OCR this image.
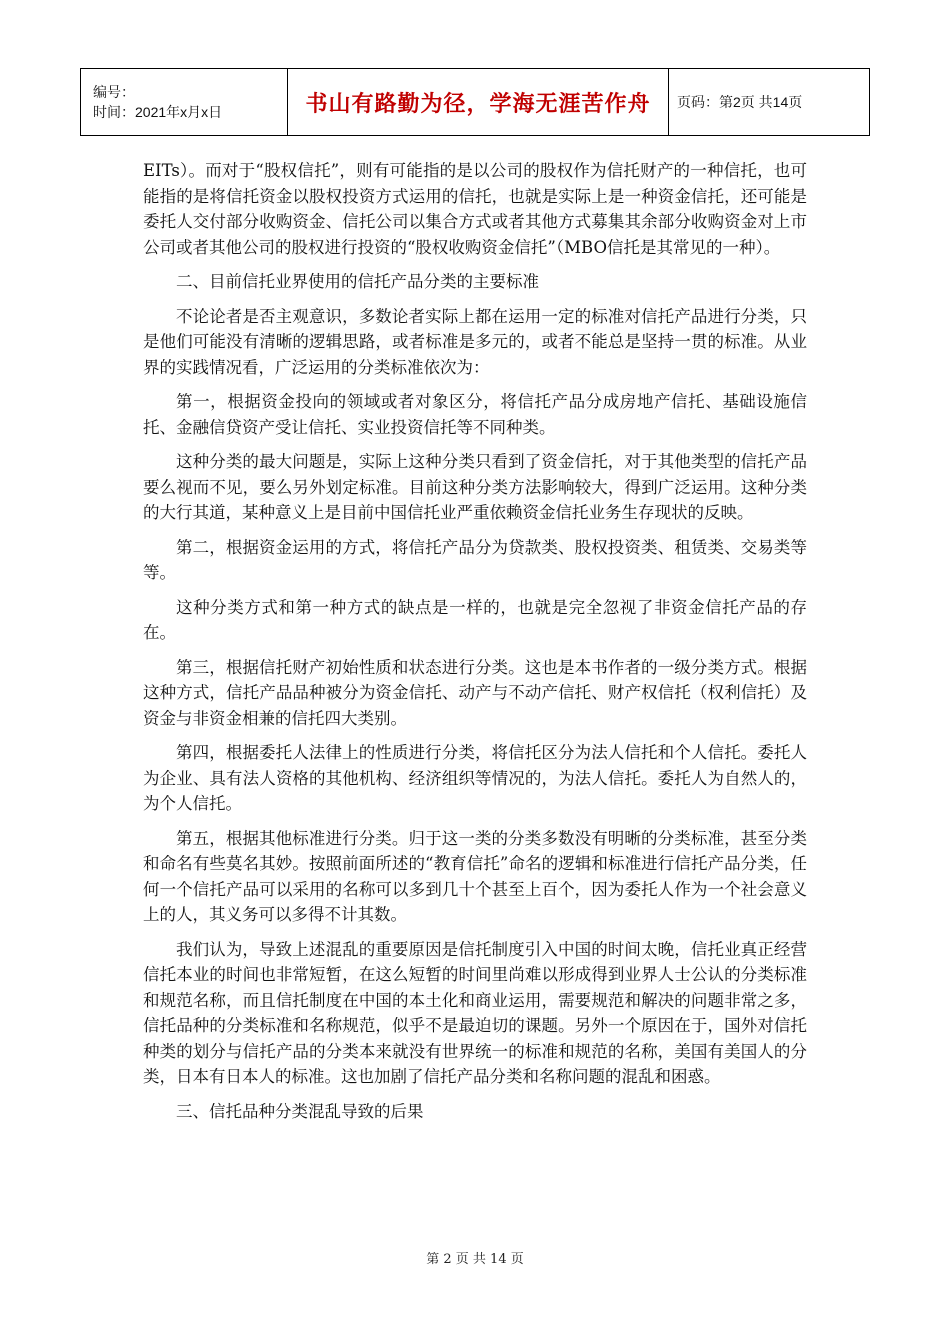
编号：
时间：2021年x月x日	书山有路勤为径，学海无涯苦作舟	页码：第2页 共14页

EITs）。而对于“股权信托”，则有可能指的是以公司的股权作为信托财产的一种信托，也可能指的是将信托资金以股权投资方式运用的信托，也就是实际上是一种资金信托，还可能是委托人交付部分收购资金、信托公司以集合方式或者其他方式募集其余部分收购资金对上市公司或者其他公司的股权进行投资的“股权收购资金信托”（MBO信托是其常见的一种）。

二、目前信托业界使用的信托产品分类的主要标准

不论论者是否主观意识，多数论者实际上都在运用一定的标准对信托产品进行分类，只是他们可能没有清晰的逻辑思路，或者标准是多元的，或者不能总是坚持一贯的标准。从业界的实践情况看，广泛运用的分类标准依次为：

第一，根据资金投向的领域或者对象区分，将信托产品分成房地产信托、基础设施信托、金融信贷资产受让信托、实业投资信托等不同种类。

这种分类的最大问题是，实际上这种分类只看到了资金信托，对于其他类型的信托产品要么视而不见，要么另外划定标准。目前这种分类方法影响较大，得到广泛运用。这种分类的大行其道，某种意义上是目前中国信托业严重依赖资金信托业务生存现状的反映。

第二，根据资金运用的方式，将信托产品分为贷款类、股权投资类、租赁类、交易类等等。

这种分类方式和第一种方式的缺点是一样的，也就是完全忽视了非资金信托产品的存在。

第三，根据信托财产初始性质和状态进行分类。这也是本书作者的一级分类方式。根据这种方式，信托产品品种被分为资金信托、动产与不动产信托、财产权信托（权利信托）及资金与非资金相兼的信托四大类别。

第四，根据委托人法律上的性质进行分类，将信托区分为法人信托和个人信托。委托人为企业、具有法人资格的其他机构、经济组织等情况的，为法人信托。委托人为自然人的，为个人信托。

第五，根据其他标准进行分类。归于这一类的分类多数没有明晰的分类标准，甚至分类和命名有些莫名其妙。按照前面所述的“教育信托”命名的逻辑和标准进行信托产品分类，任何一个信托产品可以采用的名称可以多到几十个甚至上百个，因为委托人作为一个社会意义上的人，其义务可以多得不计其数。

我们认为，导致上述混乱的重要原因是信托制度引入中国的时间太晚，信托业真正经营信托本业的时间也非常短暂，在这么短暂的时间里尚难以形成得到业界人士公认的分类标准和规范名称，而且信托制度在中国的本土化和商业运用，需要规范和解决的问题非常之多，信托品种的分类标准和名称规范，似乎不是最迫切的课题。另外一个原因在于，国外对信托种类的划分与信托产品的分类本来就没有世界统一的标准和规范的名称，美国有美国人的分类，日本有日本人的标准。这也加剧了信托产品分类和名称问题的混乱和困惑。

三、信托品种分类混乱导致的后果

第 2 页 共 14 页
